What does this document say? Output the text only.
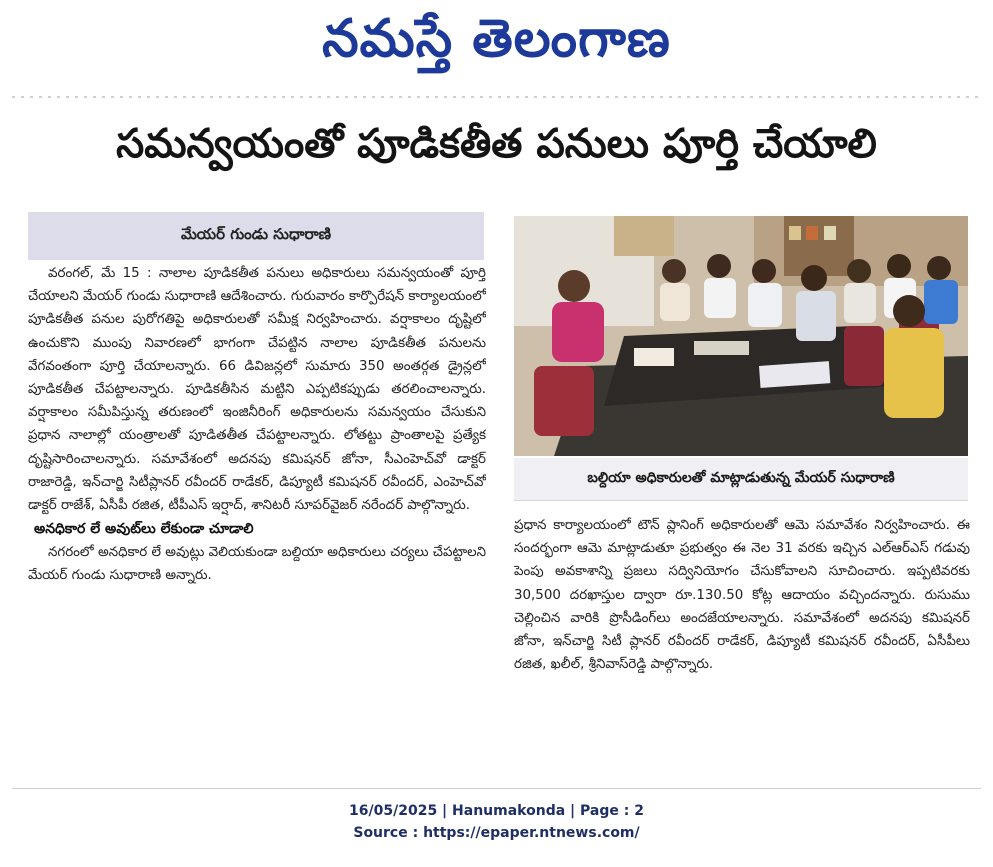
నమస్తే తెలంగాణ
సమన్వయంతో పూడికతీత పనులు పూర్తి చేయాలి
మేయర్ గుండు సుధారాణి

వరంగల్, మే 15 : నాలాల పూడికతీత పనులు అధికారులు సమన్వయంతో పూర్తి చేయాలని మేయర్ గుండు సుధారాణి ఆదేశించారు. గురువారం కార్పొరేషన్ కార్యాలయంలో పూడికతీత పనుల పురోగతిపై అధికారులతో సమీక్ష నిర్వహించారు. వర్షాకాలం దృష్టిలో ఉంచుకొని ముంపు నివారణలో భాగంగా చేపట్టిన నాలాల పూడికతీత పనులను వేగవంతంగా పూర్తి చేయాలన్నారు. 66 డివిజన్లలో సుమారు 350 అంతర్గత డ్రైన్లలో పూడికతీత చేపట్టాలన్నారు. పూడికతీసిన మట్టిని ఎప్పటికప్పుడు తరలించాలన్నారు. వర్షాకాలం సమీపిస్తున్న తరుణంలో ఇంజినీరింగ్ అధికారులను సమన్వయం చేసుకుని ప్రధాన నాలాల్లో యంత్రాలతో పూడితతీత చేపట్టాలన్నారు. లోతట్టు ప్రాంతాలపై ప్రత్యేక దృష్టిసారించాలన్నారు. సమావేశంలో అదనపు కమిషనర్ జోనా, సీఎంహెచ్‌వో డాక్టర్ రాజారెడ్డి, ఇన్‌చార్జి సిటీప్లానర్ రవీందర్ రాడేకర్, డిప్యూటీ కమిషనర్ రవీందర్, ఎంహెచ్‌వో డాక్టర్ రాజేశ్, ఏసీపీ రజిత, టీపీఎస్ ఇర్షాద్, శానిటరీ సూపర్‌వైజర్ నరేందర్ పాల్గొన్నారు.

అనధికార లే అవుట్‌లు లేకుండా చూడాలి

నగరంలో అనధికార లే అవుట్లు వెలియకుండా బల్దియా అధికారులు చర్యలు చేపట్టాలని మేయర్ గుండు సుధారాణి అన్నారు.

బల్దియా అధికారులతో మాట్లాడుతున్న మేయర్ సుధారాణి

ప్రధాన కార్యాలయంలో టౌన్ ప్లానింగ్ అధికారులతో ఆమె సమావేశం నిర్వహించారు. ఈ సందర్భంగా ఆమె మాట్లాడుతూ ప్రభుత్వం ఈ నెల 31 వరకు ఇచ్చిన ఎల్‌ఆర్‌ఎస్ గడువు పెంపు అవకాశాన్ని ప్రజలు సద్వినియోగం చేసుకోవాలని సూచించారు. ఇప్పటివరకు 30,500 దరఖాస్తుల ద్వారా రూ.130.50 కోట్ల ఆదాయం వచ్చిందన్నారు. రుసుము చెల్లించిన వారికి ప్రొసీడింగ్‌లు అందజేయాలన్నారు. సమావేశంలో అదనపు కమిషనర్ జోనా, ఇన్‌చార్జి సిటీ ప్లానర్ రవీందర్ రాడేకర్, డిప్యూటీ కమిషనర్ రవీందర్, ఏసీపీలు రజిత, ఖలీల్, శ్రీనివాస్‌రెడ్డి పాల్గొన్నారు.

16/05/2025 | Hanumakonda | Page : 2
Source : https://epaper.ntnews.com/
